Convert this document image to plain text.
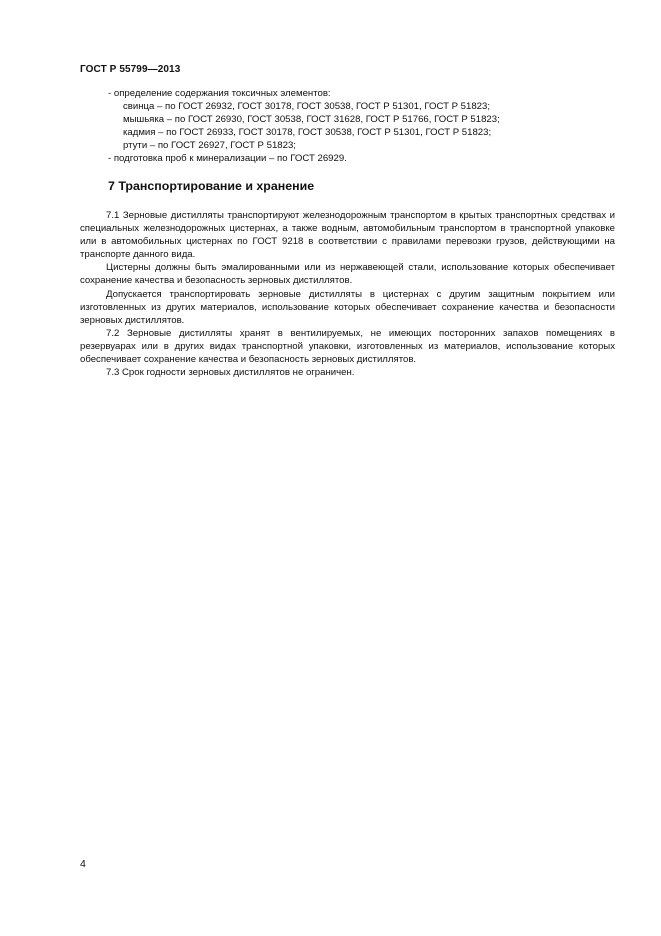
ГОСТ Р 55799—2013
- определение содержания токсичных элементов:
свинца – по ГОСТ 26932, ГОСТ 30178, ГОСТ 30538, ГОСТ Р 51301, ГОСТ Р 51823;
мышьяка – по ГОСТ 26930, ГОСТ 30538, ГОСТ 31628, ГОСТ Р 51766, ГОСТ Р 51823;
кадмия – по ГОСТ 26933, ГОСТ 30178, ГОСТ 30538, ГОСТ Р 51301, ГОСТ Р 51823;
ртути – по ГОСТ 26927, ГОСТ Р 51823;
- подготовка проб к минерализации – по ГОСТ 26929.
7 Транспортирование и хранение

7.1 Зерновые дистилляты транспортируют железнодорожным транспортом в крытых транспортных средствах и специальных железнодорожных цистернах, а также водным, автомобильным транспортом в транспортной упаковке или в автомобильных цистернах по ГОСТ 9218 в соответствии с правилами перевозки грузов, действующими на транспорте данного вида.

Цистерны должны быть эмалированными или из нержавеющей стали, использование которых обеспечивает сохранение качества и безопасность зерновых дистиллятов.

Допускается транспортировать зерновые дистилляты в цистернах с другим защитным покрытием или изготовленных из других материалов, использование которых обеспечивает сохранение качества и безопасности зерновых дистиллятов.

7.2 Зерновые дистилляты хранят в вентилируемых, не имеющих посторонних запахов помещениях в резервуарах или в других видах транспортной упаковки, изготовленных из материалов, использование которых обеспечивает сохранение качества и безопасность зерновых дистиллятов.

7.3 Срок годности зерновых дистиллятов не ограничен.

4
